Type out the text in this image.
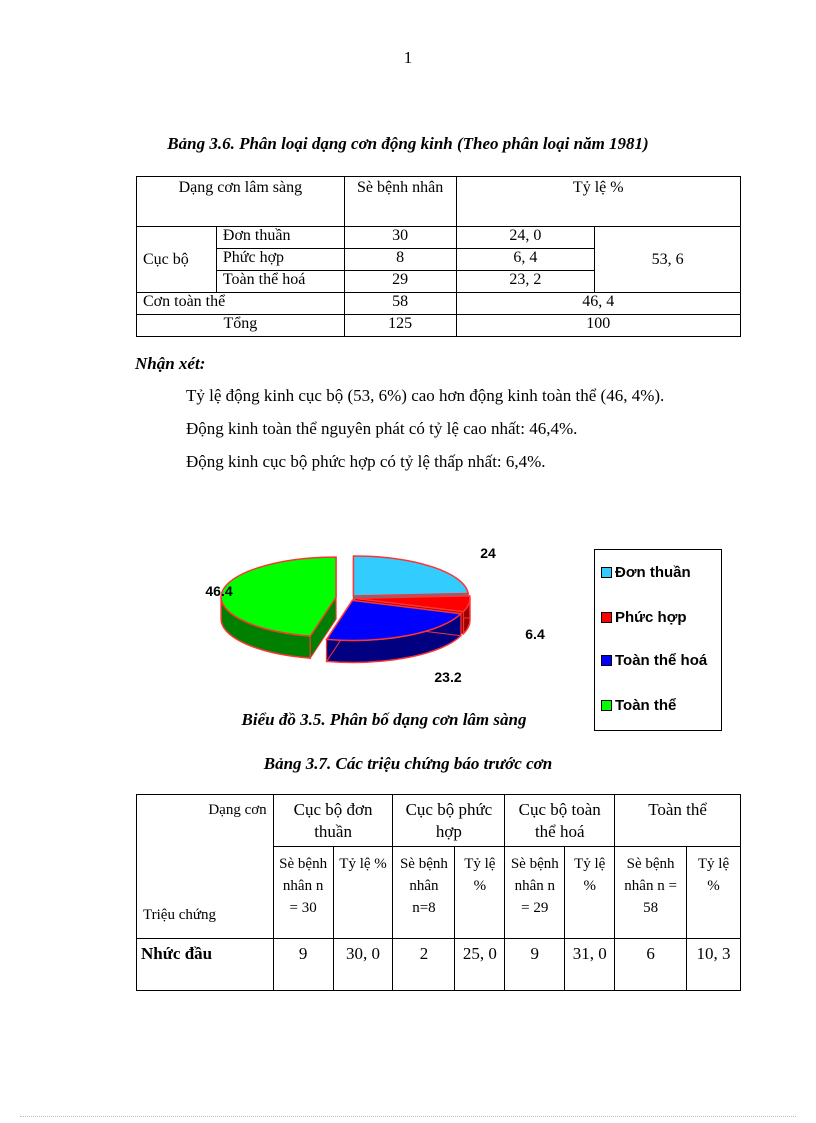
1
Bảng 3.6. Phân loại dạng cơn động kinh (Theo phân loại năm 1981)
Dạng cơn lâm sàng		Sè bệnh nhân	Tỷ lệ %	
Cục bộ	Đơn thuần	30	24, 0	53, 6
	Phức hợp	8	6, 4	
	Toàn thể hoá	29	23, 2	
Cơn toàn thể		58	46, 4	
Tổng		125	100	
Nhận xét:
Tỷ lệ động kinh cục bộ (53, 6%) cao hơn động kinh toàn thể (46, 4%).
Động kinh toàn thể nguyên phát có tỷ lệ cao nhất: 46,4%.
Động kinh cục bộ phức hợp có tỷ lệ thấp nhất: 6,4%.
24
6.4
23.2
46.4
Đơn thuần
Phức hợp
Toàn thể hoá
Toàn thể
Biểu đồ 3.5. Phân bố dạng cơn lâm sàng
Bảng 3.7. Các triệu chứng báo trước cơn
Dạng cơn
Triệu chứng	Cục bộ đơn thuần		Cục bộ phức hợp		Cục bộ toàn thể hoá		Toàn thể	
	Sè bệnh nhân n = 30	Tỷ lệ %	Sè bệnh nhân n=8	Tỷ lệ %	Sè bệnh nhân n = 29	Tỷ lệ %	Sè bệnh nhân n = 58	Tỷ lệ %
Nhức đầu	9	30, 0	2	25, 0	9	31, 0	6	10, 3
